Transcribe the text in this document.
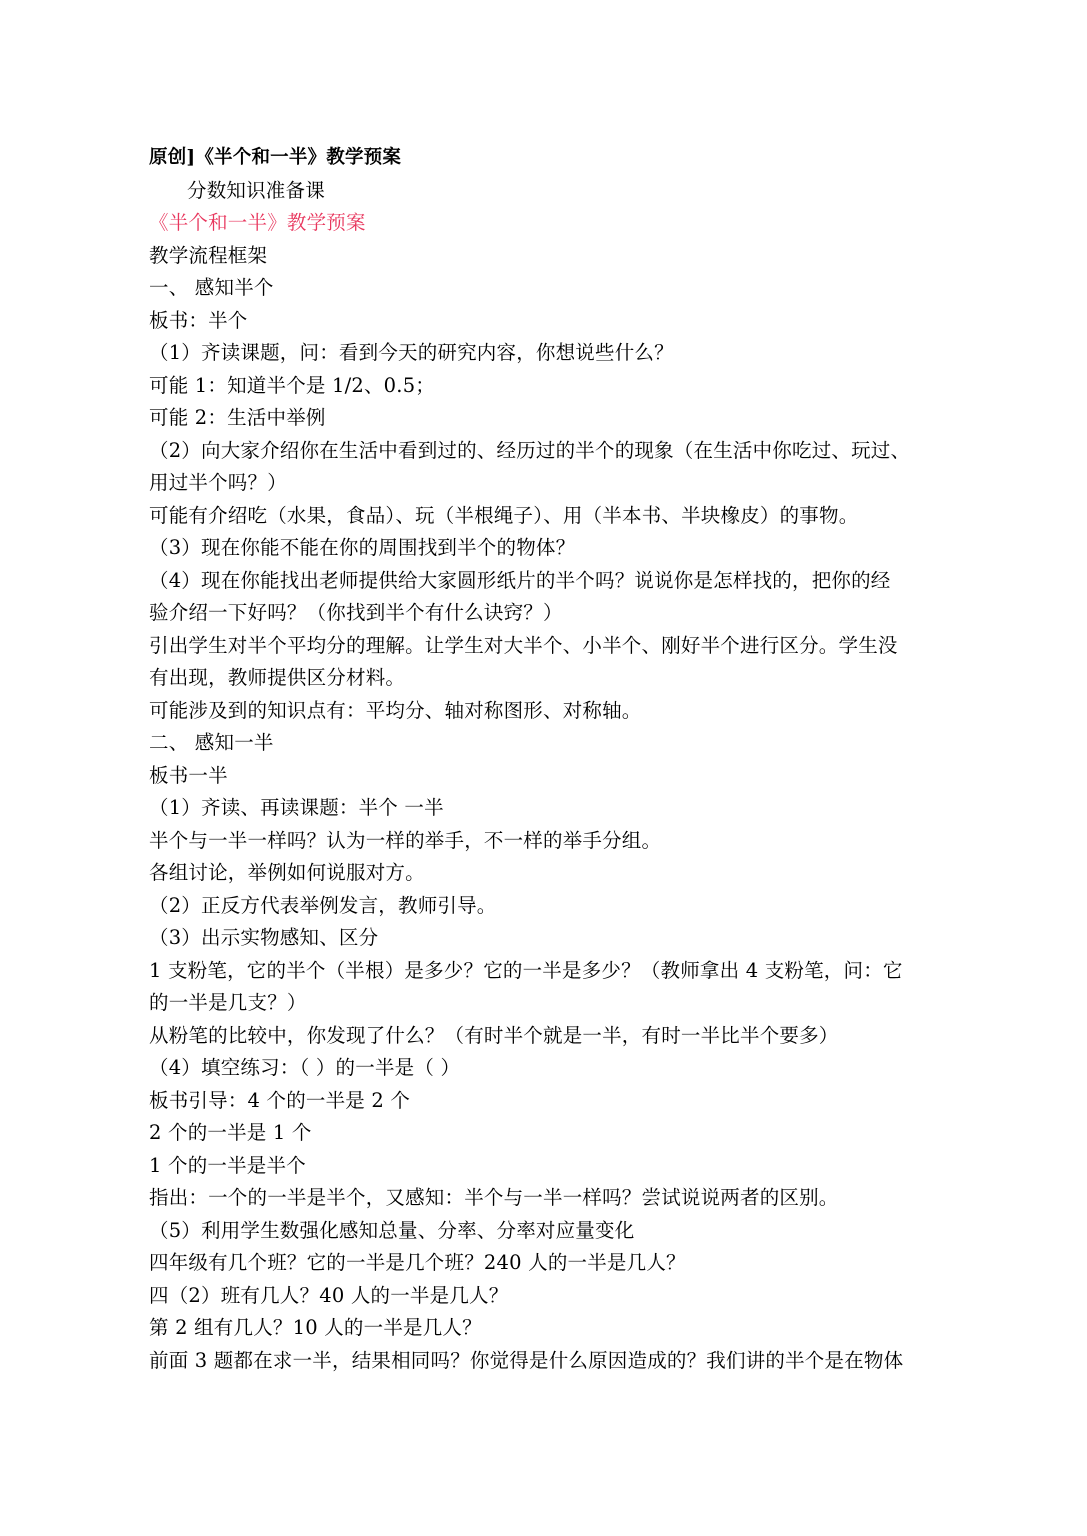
原创]《半个和一半》教学预案
分数知识准备课
《半个和一半》教学预案
教学流程框架
一、 感知半个
板书：半个
（1）齐读课题，问：看到今天的研究内容，你想说些什么？
可能 1：知道半个是 1/2、0.5；
可能 2：生活中举例
（2）向大家介绍你在生活中看到过的、经历过的半个的现象（在生活中你吃过、玩过、
用过半个吗？）
可能有介绍吃（水果，食品）、玩（半根绳子）、用（半本书、半块橡皮）的事物。
（3）现在你能不能在你的周围找到半个的物体？
（4）现在你能找出老师提供给大家圆形纸片的半个吗？说说你是怎样找的，把你的经
验介绍一下好吗？（你找到半个有什么诀窍？）
引出学生对半个平均分的理解。让学生对大半个、小半个、刚好半个进行区分。学生没
有出现，教师提供区分材料。
可能涉及到的知识点有：平均分、轴对称图形、对称轴。
二、 感知一半
板书一半
（1）齐读、再读课题：半个 一半
半个与一半一样吗？认为一样的举手，不一样的举手分组。
各组讨论，举例如何说服对方。
（2）正反方代表举例发言，教师引导。
（3）出示实物感知、区分
1 支粉笔，它的半个（半根）是多少？它的一半是多少？（教师拿出 4 支粉笔，问：它
的一半是几支？）
从粉笔的比较中，你发现了什么？（有时半个就是一半，有时一半比半个要多）
（4）填空练习：（ ）的一半是（ ）
板书引导：4 个的一半是 2 个
2 个的一半是 1 个
1 个的一半是半个
指出：一个的一半是半个，又感知：半个与一半一样吗？尝试说说两者的区别。
（5）利用学生数强化感知总量、分率、分率对应量变化
四年级有几个班？它的一半是几个班？240 人的一半是几人？
四（2）班有几人？40 人的一半是几人？
第 2 组有几人？10 人的一半是几人？
前面 3 题都在求一半，结果相同吗？你觉得是什么原因造成的？我们讲的半个是在物体
